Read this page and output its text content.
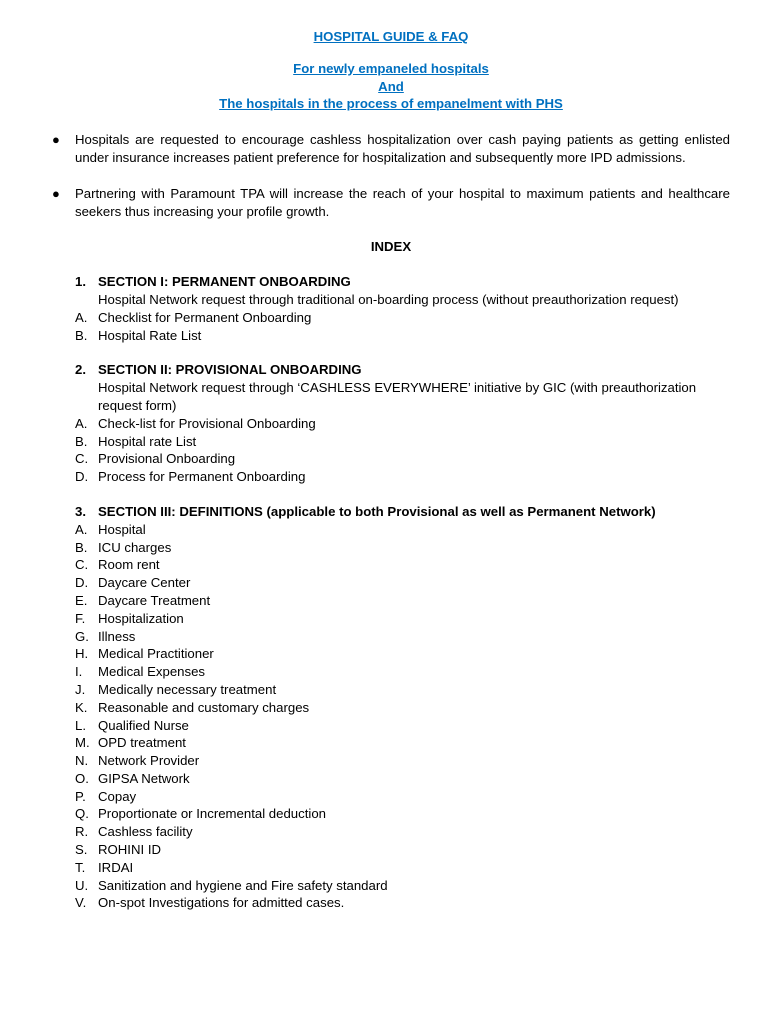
HOSPITAL GUIDE & FAQ
For newly empaneled hospitals
And
The hospitals in the process of empanelment with PHS
● Hospitals are requested to encourage cashless hospitalization over cash paying patients as getting enlisted under insurance increases patient preference for hospitalization and subsequently more IPD admissions.
● Partnering with Paramount TPA will increase the reach of your hospital to maximum patients and healthcare seekers thus increasing your profile growth.
INDEX
1. SECTION I: PERMANENT ONBOARDING
Hospital Network request through traditional on-boarding process (without preauthorization request)
A. Checklist for Permanent Onboarding
B. Hospital Rate List
2. SECTION II: PROVISIONAL ONBOARDING
Hospital Network request through ‘CASHLESS EVERYWHERE’ initiative by GIC (with preauthorization request form)
A. Check-list for Provisional Onboarding
B. Hospital rate List
C. Provisional Onboarding
D. Process for Permanent Onboarding
3. SECTION III: DEFINITIONS (applicable to both Provisional as well as Permanent Network)
A. Hospital
B. ICU charges
C. Room rent
D. Daycare Center
E. Daycare Treatment
F. Hospitalization
G. Illness
H. Medical Practitioner
I.	Medical Expenses
J. Medically necessary treatment
K. Reasonable and customary charges
L. Qualified Nurse
M. OPD treatment
N. Network Provider
O. GIPSA Network
P. Copay
Q. Proportionate or Incremental deduction
R. Cashless facility
S. ROHINI ID
T. IRDAI
U. Sanitization and hygiene and Fire safety standard
V. On-spot Investigations for admitted cases.
